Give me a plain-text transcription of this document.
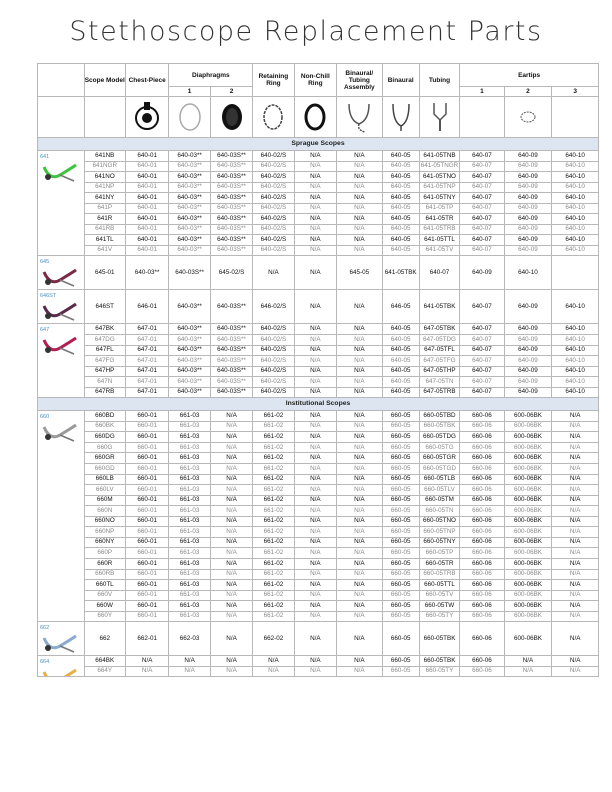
Stethoscope Replacement Parts
	Scope Model	Chest-Piece	Diaphragms		Retaining Ring	Non-Chill Ring	Binaural/ Tubing Assembly	Binaural	Tubing	Eartips		
			1	2						1	2	3

Sprague Scopes												

641	641NB	640-01	640-03**	640-03S**	640-02/S	N/A	N/A	640-05	641-05TNB	640-07	640-09	640-10
	641NGR	640-01	640-03**	640-03S**	640-02/S	N/A	N/A	640-05	641-05TNGR	640-07	640-09	640-10
	641NO	640-01	640-03**	640-03S**	640-02/S	N/A	N/A	640-05	641-05TNO	640-07	640-09	640-10
	641NP	640-01	640-03**	640-03S**	640-02/S	N/A	N/A	640-05	641-05TNP	640-07	640-09	640-10
	641NY	640-01	640-03**	640-03S**	640-02/S	N/A	N/A	640-05	641-05TNY	640-07	640-09	640-10
	641P	640-01	640-03**	640-03S**	640-02/S	N/A	N/A	640-05	641-05TP	640-07	640-09	640-10
	641R	640-01	640-03**	640-03S**	640-02/S	N/A	N/A	640-05	641-05TR	640-07	640-09	640-10
	641RB	640-01	640-03**	640-03S**	640-02/S	N/A	N/A	640-05	641-05TRB	640-07	640-09	640-10
	641TL	640-01	640-03**	640-03S**	640-02/S	N/A	N/A	640-05	641-05TTL	640-07	640-09	640-10
	641V	640-01	640-03**	640-03S**	640-02/S	N/A	N/A	640-05	641-05TV	640-07	640-09	640-10

645	645-01	640-03**	640-03S**	645-02/S	N/A	N/A	645-05	641-05TBK	640-07	640-09	640-10	

646ST	646ST	646-01	640-03**	640-03S**	646-02/S	N/A	N/A	646-05	641-05TBK	640-07	640-09	640-10

647	647BK	647-01	640-03**	640-03S**	640-02/S	N/A	N/A	640-05	647-05TBK	640-07	640-09	640-10
	647DG	647-01	640-03**	640-03S**	640-02/S	N/A	N/A	640-05	647-05TDG	640-07	640-09	640-10
	647FL	647-01	640-03**	640-03S**	640-02/S	N/A	N/A	640-05	647-05TFL	640-07	640-09	640-10
	647FG	647-01	640-03**	640-03S**	640-02/S	N/A	N/A	640-05	647-05TFG	640-07	640-09	640-10
	647HP	647-01	640-03**	640-03S**	640-02/S	N/A	N/A	640-05	647-05THP	640-07	640-09	640-10
	647N	647-01	640-03**	640-03S**	640-02/S	N/A	N/A	640-05	647-05TN	640-07	640-09	640-10
	647RB	647-01	640-03**	640-03S**	640-02/S	N/A	N/A	640-05	647-05TRB	640-07	640-09	640-10
Institutional Scopes												

660	660BD	660-01	661-03	N/A	661-02	N/A	N/A	660-05	660-05TBD	660-06	600-06BK	N/A
	660BK	660-01	661-03	N/A	661-02	N/A	N/A	660-05	660-05TBK	660-06	600-06BK	N/A
	660DG	660-01	661-03	N/A	661-02	N/A	N/A	660-05	660-05TDG	660-06	600-06BK	N/A
	660G	660-01	661-03	N/A	661-02	N/A	N/A	660-05	660-05TG	660-06	600-06BK	N/A
	660GR	660-01	661-03	N/A	661-02	N/A	N/A	660-05	660-05TGR	660-06	600-06BK	N/A
	660GD	660-01	661-03	N/A	661-02	N/A	N/A	660-05	660-05TGD	660-06	600-06BK	N/A
	660LB	660-01	661-03	N/A	661-02	N/A	N/A	660-05	660-05TLB	660-06	600-06BK	N/A
	660LV	660-01	661-03	N/A	661-02	N/A	N/A	660-05	660-05TLV	660-06	600-06BK	N/A
	660M	660-01	661-03	N/A	661-02	N/A	N/A	660-05	660-05TM	660-06	600-06BK	N/A
	660N	660-01	661-03	N/A	661-02	N/A	N/A	660-05	660-05TN	660-06	600-06BK	N/A
	660NO	660-01	661-03	N/A	661-02	N/A	N/A	660-05	660-05TNO	660-06	600-06BK	N/A
	660NP	660-01	661-03	N/A	661-02	N/A	N/A	660-05	660-05TNP	660-06	600-06BK	N/A
	660NY	660-01	661-03	N/A	661-02	N/A	N/A	660-05	660-05TNY	660-06	600-06BK	N/A
	660P	660-01	661-03	N/A	661-02	N/A	N/A	660-05	660-05TP	660-06	600-06BK	N/A
	660R	660-01	661-03	N/A	661-02	N/A	N/A	660-05	660-05TR	660-06	600-06BK	N/A
	660RB	660-01	661-03	N/A	661-02	N/A	N/A	660-05	660-05TRB	660-06	600-06BK	N/A
	660TL	660-01	661-03	N/A	661-02	N/A	N/A	660-05	660-05TTL	660-06	600-06BK	N/A
	660V	660-01	661-03	N/A	661-02	N/A	N/A	660-05	660-05TV	660-06	600-06BK	N/A
	660W	660-01	661-03	N/A	661-02	N/A	N/A	660-05	660-05TW	660-06	600-06BK	N/A
	660Y	660-01	661-03	N/A	661-02	N/A	N/A	660-05	660-05TY	660-06	600-06BK	N/A

662	662	662-01	662-03	N/A	662-02	N/A	N/A	660-05	660-05TBK	660-06	600-06BK	N/A

664	664BK	N/A	N/A	N/A	N/A	N/A	N/A	660-05	660-05TBK	660-06	N/A	N/A
	664Y	N/A	N/A	N/A	N/A	N/A	N/A	660-05	660-05TY	660-06	N/A	N/A
